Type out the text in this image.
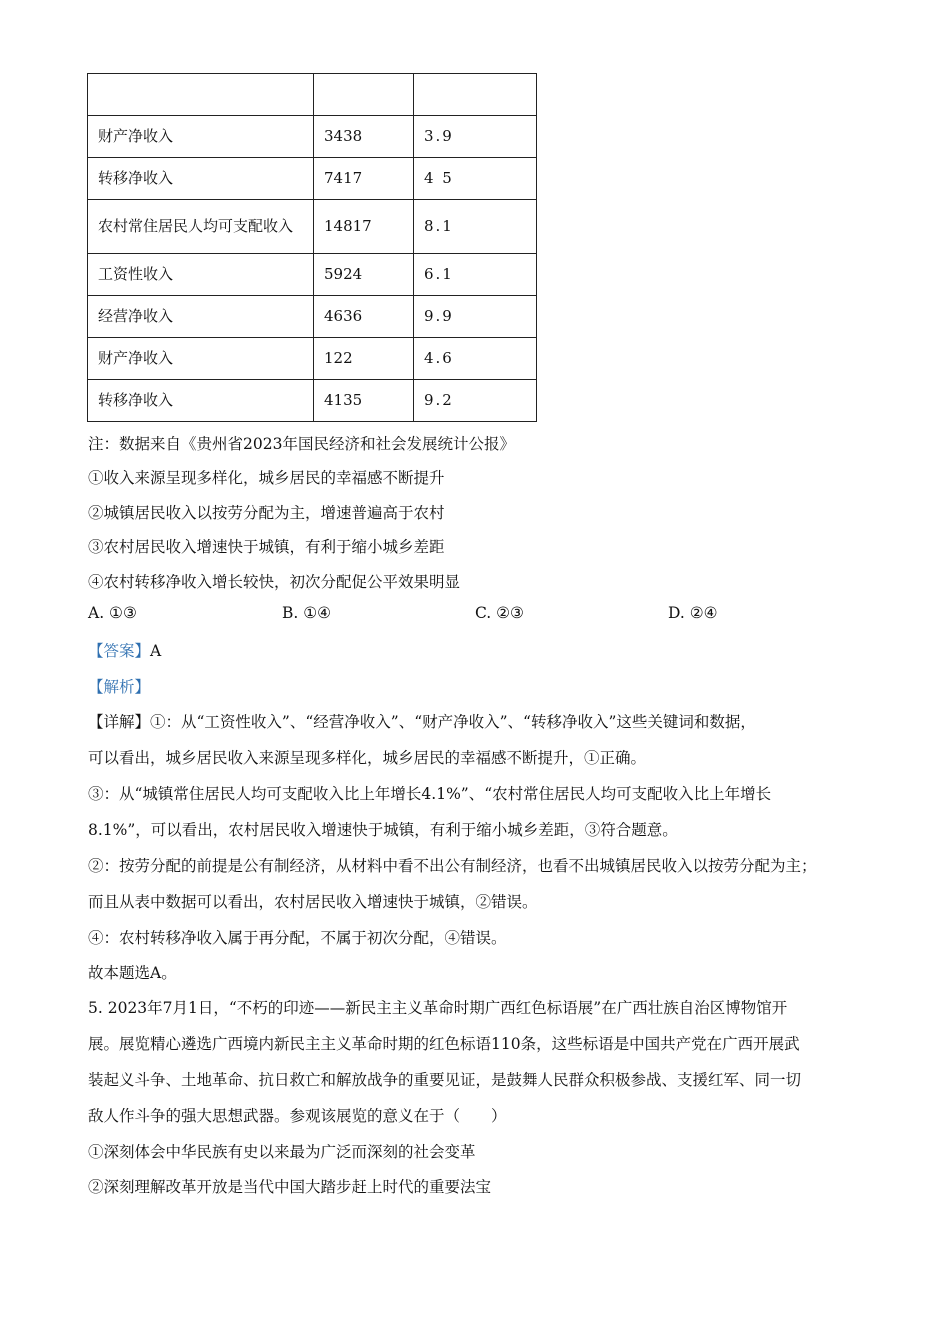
财产净收入	3438	3.9
转移净收入	7417	4 5
农村常住居民人均可支配收入	14817	8.1
工资性收入	5924	6.1
经营净收入	4636	9.9
财产净收入	122	4.6
转移净收入	4135	9.2
注：数据来自《贵州省2023年国民经济和社会发展统计公报》
①收入来源呈现多样化，城乡居民的幸福感不断提升
②城镇居民收入以按劳分配为主，增速普遍高于农村
③农村居民收入增速快于城镇，有利于缩小城乡差距
④农村转移净收入增长较快，初次分配促公平效果明显
A. ①③	B. ①④	C. ②③	D. ②④
【答案】A
【解析】
【详解】①：从“工资性收入”、“经营净收入”、“财产净收入”、“转移净收入”这些关键词和数据，
可以看出，城乡居民收入来源呈现多样化，城乡居民的幸福感不断提升，①正确。
③：从“城镇常住居民人均可支配收入比上年增长4.1%”、“农村常住居民人均可支配收入比上年增长
8.1%”，可以看出，农村居民收入增速快于城镇，有利于缩小城乡差距，③符合题意。
②：按劳分配的前提是公有制经济，从材料中看不出公有制经济，也看不出城镇居民收入以按劳分配为主；
而且从表中数据可以看出，农村居民收入增速快于城镇，②错误。
④：农村转移净收入属于再分配，不属于初次分配，④错误。
故本题选A。
5. 2023年7月1日，“不朽的印迹——新民主主义革命时期广西红色标语展”在广西壮族自治区博物馆开
展。展览精心遴选广西境内新民主主义革命时期的红色标语110条，这些标语是中国共产党在广西开展武
装起义斗争、土地革命、抗日救亡和解放战争的重要见证，是鼓舞人民群众积极参战、支援红军、同一切
敌人作斗争的强大思想武器。参观该展览的意义在于（　　）
①深刻体会中华民族有史以来最为广泛而深刻的社会变革
②深刻理解改革开放是当代中国大踏步赶上时代的重要法宝
